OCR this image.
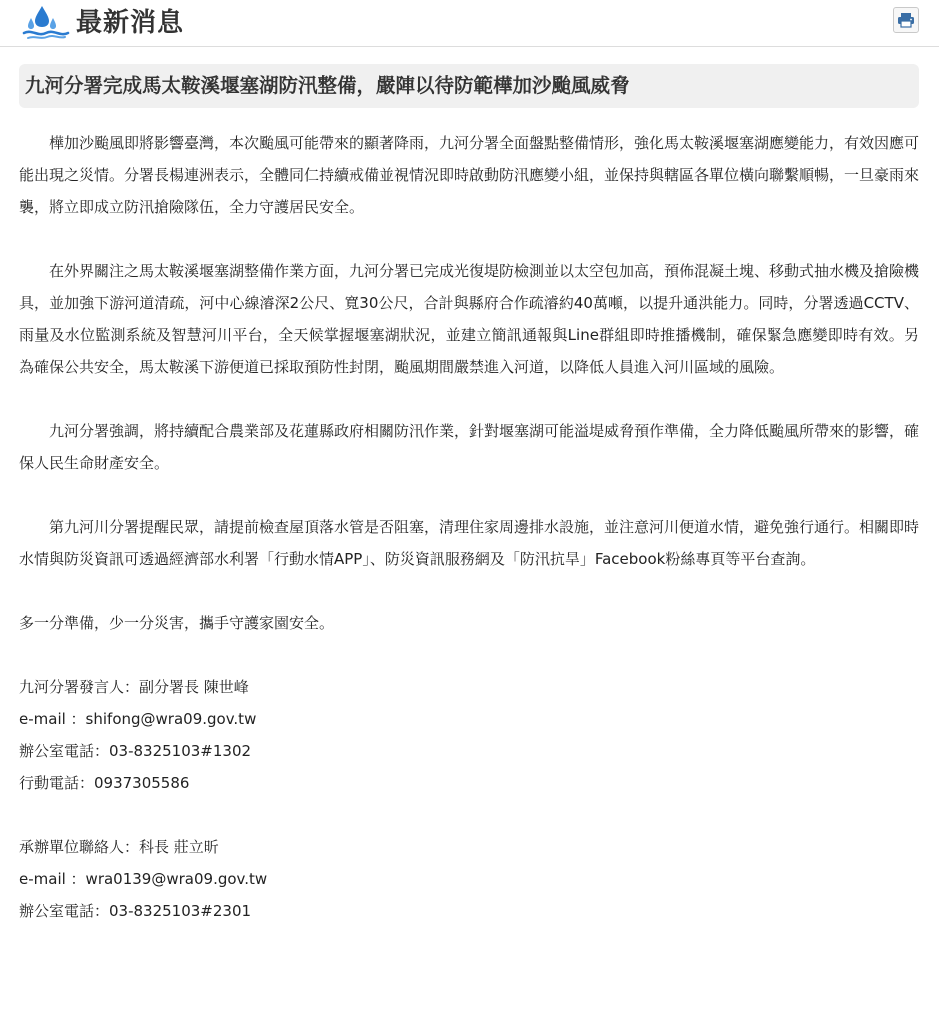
最新消息
九河分署完成馬太鞍溪堰塞湖防汛整備，嚴陣以待防範樺加沙颱風威脅

樺加沙颱風即將影響臺灣，本次颱風可能帶來的顯著降雨，九河分署全面盤點整備情形，強化馬太鞍溪堰塞湖應變能力，有效因應可能出現之災情。分署長楊連洲表示，全體同仁持續戒備並視情況即時啟動防汛應變小組，並保持與轄區各單位橫向聯繫順暢，一旦豪雨來襲，將立即成立防汛搶險隊伍，全力守護居民安全。

在外界關注之馬太鞍溪堰塞湖整備作業方面，九河分署已完成光復堤防檢測並以太空包加高，預佈混凝土塊、移動式抽水機及搶險機具，並加強下游河道清疏，河中心線濬深2公尺、寬30公尺，合計與縣府合作疏濬約40萬噸，以提升通洪能力。同時，分署透過CCTV、雨量及水位監測系統及智慧河川平台，全天候掌握堰塞湖狀況，並建立簡訊通報與Line群組即時推播機制，確保緊急應變即時有效。另為確保公共安全，馬太鞍溪下游便道已採取預防性封閉，颱風期間嚴禁進入河道，以降低人員進入河川區域的風險。

九河分署強調，將持續配合農業部及花蓮縣政府相關防汛作業，針對堰塞湖可能溢堤威脅預作準備，全力降低颱風所帶來的影響，確保人民生命財產安全。

第九河川分署提醒民眾，請提前檢查屋頂落水管是否阻塞，清理住家周邊排水設施，並注意河川便道水情，避免強行通行。相關即時水情與防災資訊可透過經濟部水利署「行動水情APP」、防災資訊服務網及「防汛抗旱」Facebook粉絲專頁等平台查詢。

多一分準備，少一分災害，攜手守護家園安全。

九河分署發言人：副分署長 陳世峰

e-mail ：shifong@wra09.gov.tw

辦公室電話：03-8325103#1302

行動電話：0937305586

承辦單位聯絡人：科長 莊立昕

e-mail ：wra0139@wra09.gov.tw

辦公室電話：03-8325103#2301
